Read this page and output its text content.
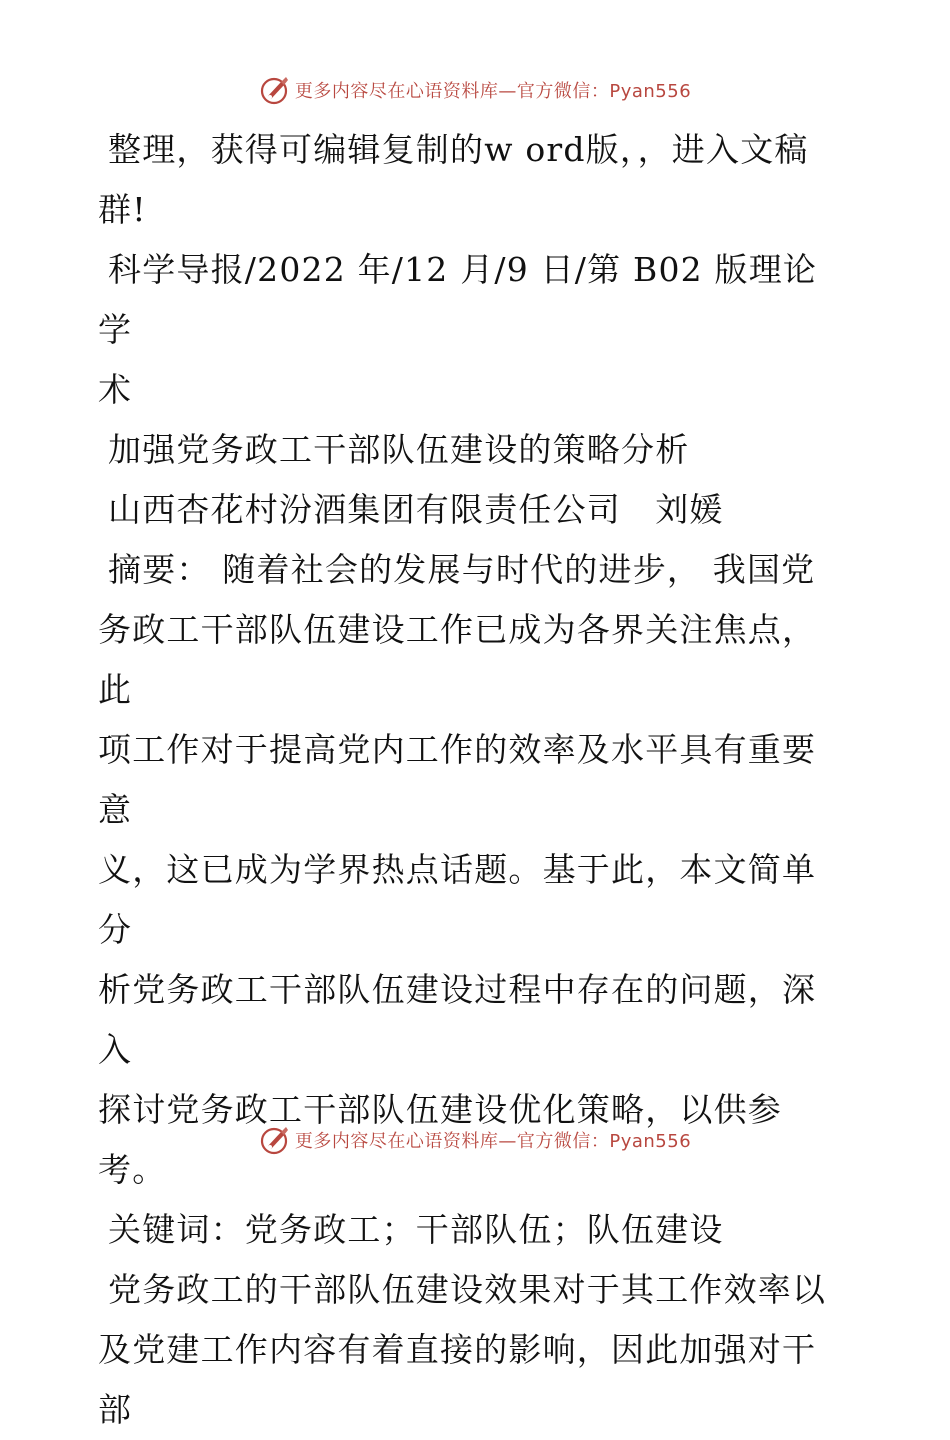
更多内容尽在心语资料库—官方微信：Pyan556

整理，获得可编辑复制的w ord版，，进入文稿
群!

科学导报/2022 年/12 月/9 日/第 B02 版理论学
术

加强党务政工干部队伍建设的策略分析

山西杏花村汾酒集团有限责任公司　刘媛

摘要： 随着社会的发展与时代的进步， 我国党
务政工干部队伍建设工作已成为各界关注焦点，此
项工作对于提高党内工作的效率及水平具有重要意
义，这已成为学界热点话题。基于此，本文简单分
析党务政工干部队伍建设过程中存在的问题，深入
探讨党务政工干部队伍建设优化策略，以供参考。

关键词：党务政工；干部队伍；队伍建设

党务政工的干部队伍建设效果对于其工作效率以
及党建工作内容有着直接的影响，因此加强对干部

更多内容尽在心语资料库—官方微信：Pyan556
